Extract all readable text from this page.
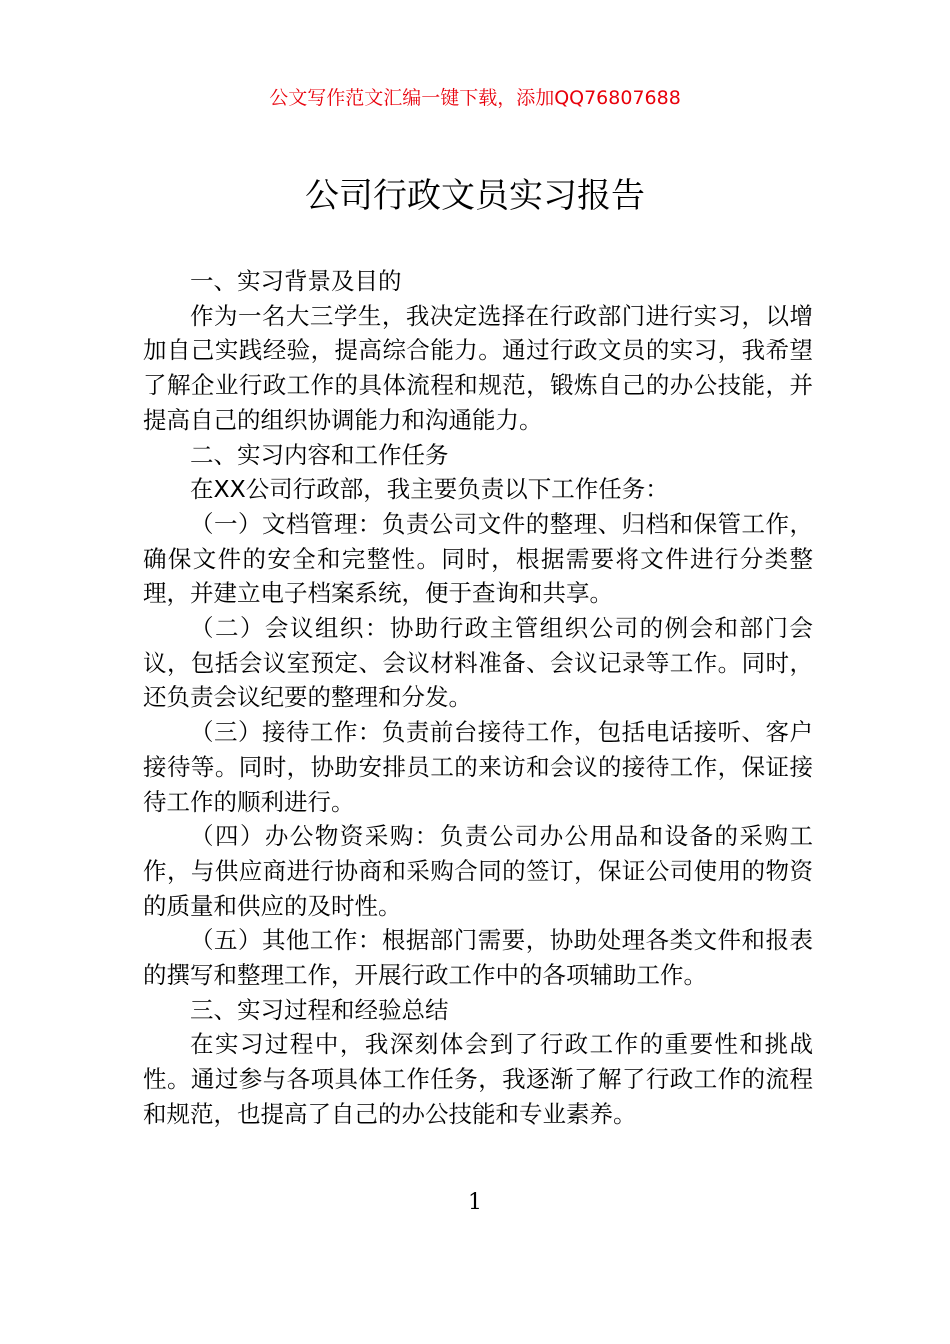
公文写作范文汇编一键下载，添加QQ76807688
公司行政文员实习报告

一、实习背景及目的

作为一名大三学生，我决定选择在行政部门进行实习，以增加自己实践经验，提高综合能力。通过行政文员的实习，我希望了解企业行政工作的具体流程和规范，锻炼自己的办公技能，并提高自己的组织协调能力和沟通能力。

二、实习内容和工作任务

在XX公司行政部，我主要负责以下工作任务：

（一）文档管理：负责公司文件的整理、归档和保管工作，确保文件的安全和完整性。同时，根据需要将文件进行分类整理，并建立电子档案系统，便于查询和共享。

（二）会议组织：协助行政主管组织公司的例会和部门会议，包括会议室预定、会议材料准备、会议记录等工作。同时，还负责会议纪要的整理和分发。

（三）接待工作：负责前台接待工作，包括电话接听、客户接待等。同时，协助安排员工的来访和会议的接待工作，保证接待工作的顺利进行。

（四）办公物资采购：负责公司办公用品和设备的采购工作，与供应商进行协商和采购合同的签订，保证公司使用的物资的质量和供应的及时性。

（五）其他工作：根据部门需要，协助处理各类文件和报表的撰写和整理工作，开展行政工作中的各项辅助工作。

三、实习过程和经验总结

在实习过程中，我深刻体会到了行政工作的重要性和挑战性。通过参与各项具体工作任务，我逐渐了解了行政工作的流程和规范，也提高了自己的办公技能和专业素养。

1
